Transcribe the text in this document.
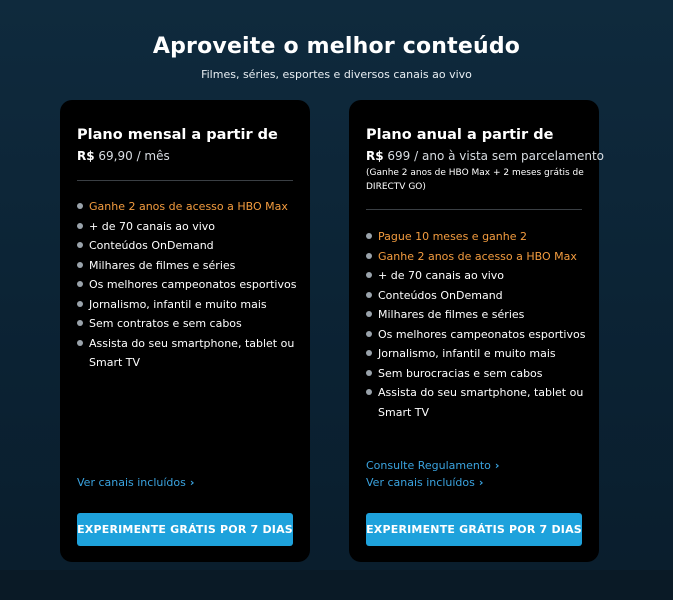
Aproveite o melhor conteúdo

Filmes, séries, esportes e diversos canais ao vivo

Plano mensal a partir de
R$ 69,90 / mês
Ganhe 2 anos de acesso a HBO Max
+ de 70 canais ao vivo
Conteúdos OnDemand
Milhares de filmes e séries
Os melhores campeonatos esportivos
Jornalismo, infantil e muito mais
Sem contratos e sem cabos
Assista do seu smartphone, tablet ou Smart TV
Ver canais incluídos ›
EXPERIMENTE GRÁTIS POR 7 DIAS
Plano anual a partir de
R$ 699 / ano à vista sem parcelamento
(Ganhe 2 anos de HBO Max + 2 meses grátis de DIRECTV GO)
Pague 10 meses e ganhe 2
Ganhe 2 anos de acesso a HBO Max
+ de 70 canais ao vivo
Conteúdos OnDemand
Milhares de filmes e séries
Os melhores campeonatos esportivos
Jornalismo, infantil e muito mais
Sem burocracias e sem cabos
Assista do seu smartphone, tablet ou Smart TV
Consulte Regulamento ›
Ver canais incluídos ›
EXPERIMENTE GRÁTIS POR 7 DIAS
